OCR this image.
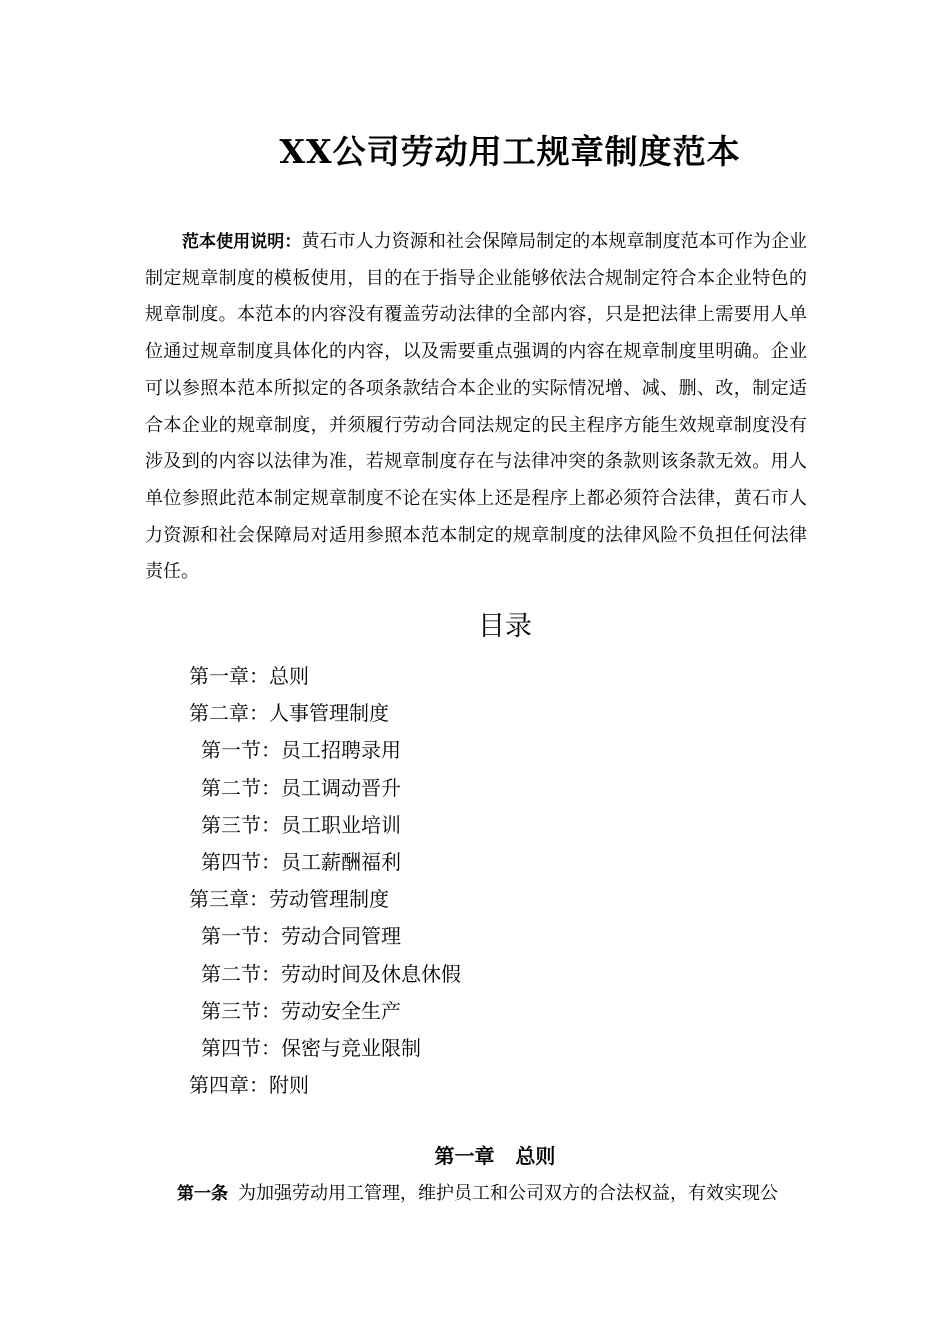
XX公司劳动用工规章制度范本

范本使用说明：黄石市人力资源和社会保障局制定的本规章制度范本可作为企业制定规章制度的模板使用，目的在于指导企业能够依法合规制定符合本企业特色的规章制度。本范本的内容没有覆盖劳动法律的全部内容，只是把法律上需要用人单位通过规章制度具体化的内容，以及需要重点强调的内容在规章制度里明确。企业可以参照本范本所拟定的各项条款结合本企业的实际情况增、减、删、改，制定适合本企业的规章制度，并须履行劳动合同法规定的民主程序方能生效规章制度没有涉及到的内容以法律为准，若规章制度存在与法律冲突的条款则该条款无效。用人单位参照此范本制定规章制度不论在实体上还是程序上都必须符合法律，黄石市人力资源和社会保障局对适用参照本范本制定的规章制度的法律风险不负担任何法律责任。

目录
第一章：总则
第二章：人事管理制度
第一节：员工招聘录用
第二节：员工调动晋升
第三节：员工职业培训
第四节：员工薪酬福利
第三章：劳动管理制度
第一节：劳动合同管理
第二节：劳动时间及休息休假
第三节：劳动安全生产
第四节：保密与竞业限制
第四章：附则
第一章   总则
第一条 为加强劳动用工管理，维护员工和公司双方的合法权益，有效实现公
